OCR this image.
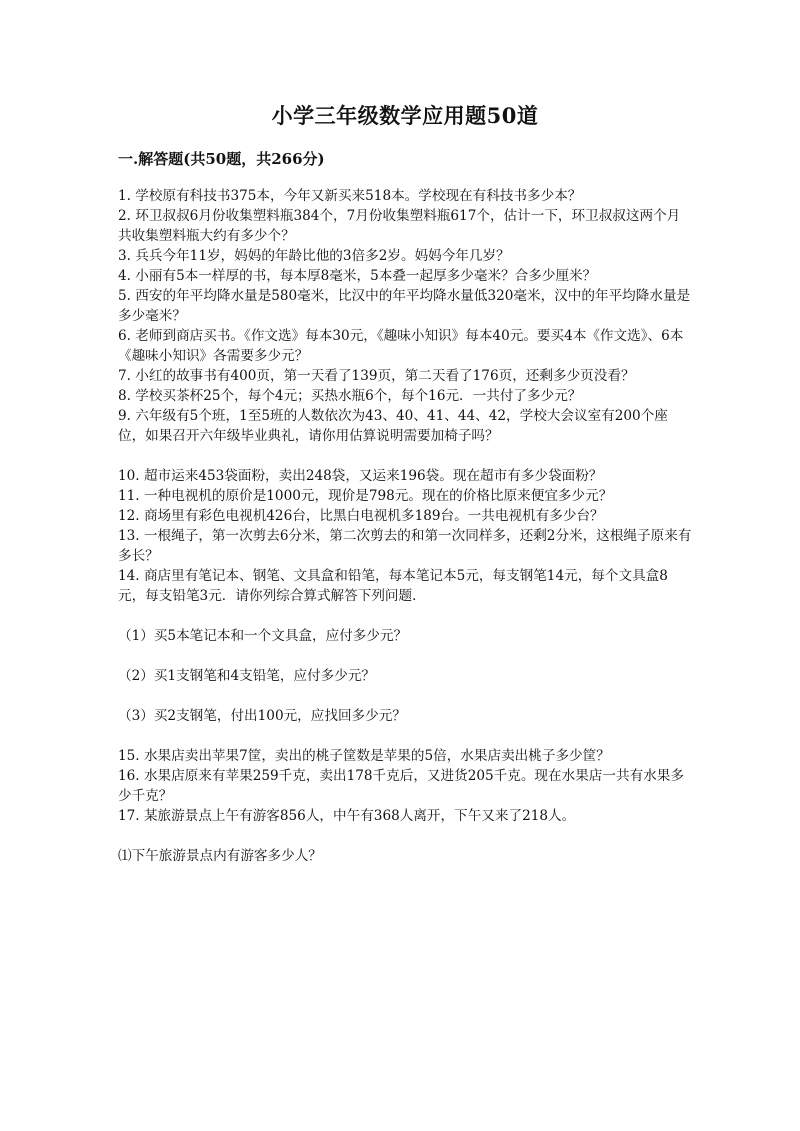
小学三年级数学应用题50道
一.解答题(共50题，共266分)

1. 学校原有科技书375本，今年又新买来518本。学校现在有科技书多少本？

2. 环卫叔叔6月份收集塑料瓶384个，7月份收集塑料瓶617个，估计一下，环卫叔叔这两个月共收集塑料瓶大约有多少个？

3. 兵兵今年11岁，妈妈的年龄比他的3倍多2岁。妈妈今年几岁？

4. 小丽有5本一样厚的书，每本厚8毫米，5本叠一起厚多少毫米？合多少厘米？

5. 西安的年平均降水量是580毫米，比汉中的年平均降水量低320毫米，汉中的年平均降水量是多少毫米？

6. 老师到商店买书。《作文选》每本30元，《趣味小知识》每本40元。要买4本《作文选》、6本《趣味小知识》各需要多少元？

7. 小红的故事书有400页，第一天看了139页，第二天看了176页，还剩多少页没看？

8. 学校买茶杯25个，每个4元；买热水瓶6个，每个16元．一共付了多少元？

9. 六年级有5个班，1至5班的人数依次为43、40、41、44、42，学校大会议室有200个座位，如果召开六年级毕业典礼，请你用估算说明需要加椅子吗？

10. 超市运来453袋面粉，卖出248袋，又运来196袋。现在超市有多少袋面粉？

11. 一种电视机的原价是1000元，现价是798元。现在的价格比原来便宜多少元？

12. 商场里有彩色电视机426台，比黑白电视机多189台。一共电视机有多少台？

13. 一根绳子，第一次剪去6分米，第二次剪去的和第一次同样多，还剩2分米，这根绳子原来有多长？

14. 商店里有笔记本、钢笔、文具盒和铅笔，每本笔记本5元，每支钢笔14元，每个文具盒8元，每支铅笔3元．请你列综合算式解答下列问题．

（1）买5本笔记本和一个文具盒，应付多少元？

（2）买1支钢笔和4支铅笔，应付多少元？

（3）买2支钢笔，付出100元，应找回多少元？

15. 水果店卖出苹果7筐，卖出的桃子筐数是苹果的5倍，水果店卖出桃子多少筐？

16. 水果店原来有苹果259千克，卖出178千克后，又进货205千克。现在水果店一共有水果多少千克？

17. 某旅游景点上午有游客856人，中午有368人离开，下午又来了218人。

⑴下午旅游景点内有游客多少人？
